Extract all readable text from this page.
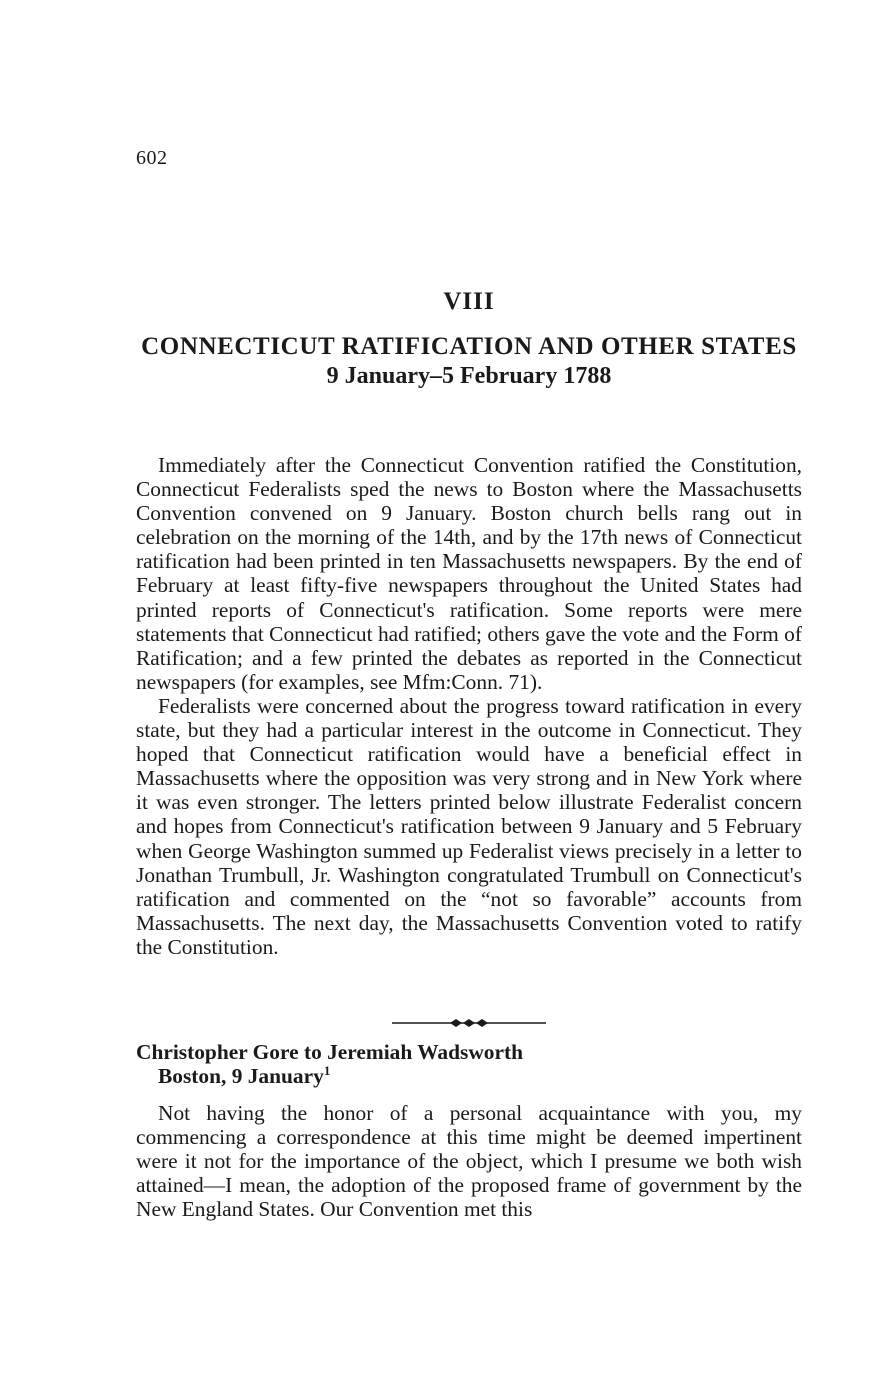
602
VIII
CONNECTICUT RATIFICATION AND OTHER STATES
9 January–5 February 1788

Immediately after the Connecticut Convention ratified the Constitution, Connecticut Federalists sped the news to Boston where the Massachusetts Convention convened on 9 January. Boston church bells rang out in celebration on the morning of the 14th, and by the 17th news of Connecticut ratification had been printed in ten Massachusetts newspapers. By the end of February at least fifty-five newspapers throughout the United States had printed reports of Connecticut's ratification. Some reports were mere statements that Connecticut had ratified; others gave the vote and the Form of Ratification; and a few printed the debates as reported in the Connecticut newspapers (for examples, see Mfm:Conn. 71).

Federalists were concerned about the progress toward ratification in every state, but they had a particular interest in the outcome in Connecticut. They hoped that Connecticut ratification would have a beneficial effect in Massachusetts where the opposition was very strong and in New York where it was even stronger. The letters printed below illustrate Federalist concern and hopes from Connecticut's ratification between 9 January and 5 February when George Washington summed up Federalist views precisely in a letter to Jonathan Trumbull, Jr. Washington congratulated Trumbull on Connecticut's ratification and commented on the “not so favorable” accounts from Massachusetts. The next day, the Massachusetts Convention voted to ratify the Constitution.

Christopher Gore to Jeremiah Wadsworth
Boston, 9 January$^1$

Not having the honor of a personal acquaintance with you, my commencing a correspondence at this time might be deemed impertinent were it not for the importance of the object, which I presume we both wish attained—I mean, the adoption of the proposed frame of government by the New England States. Our Convention met this
